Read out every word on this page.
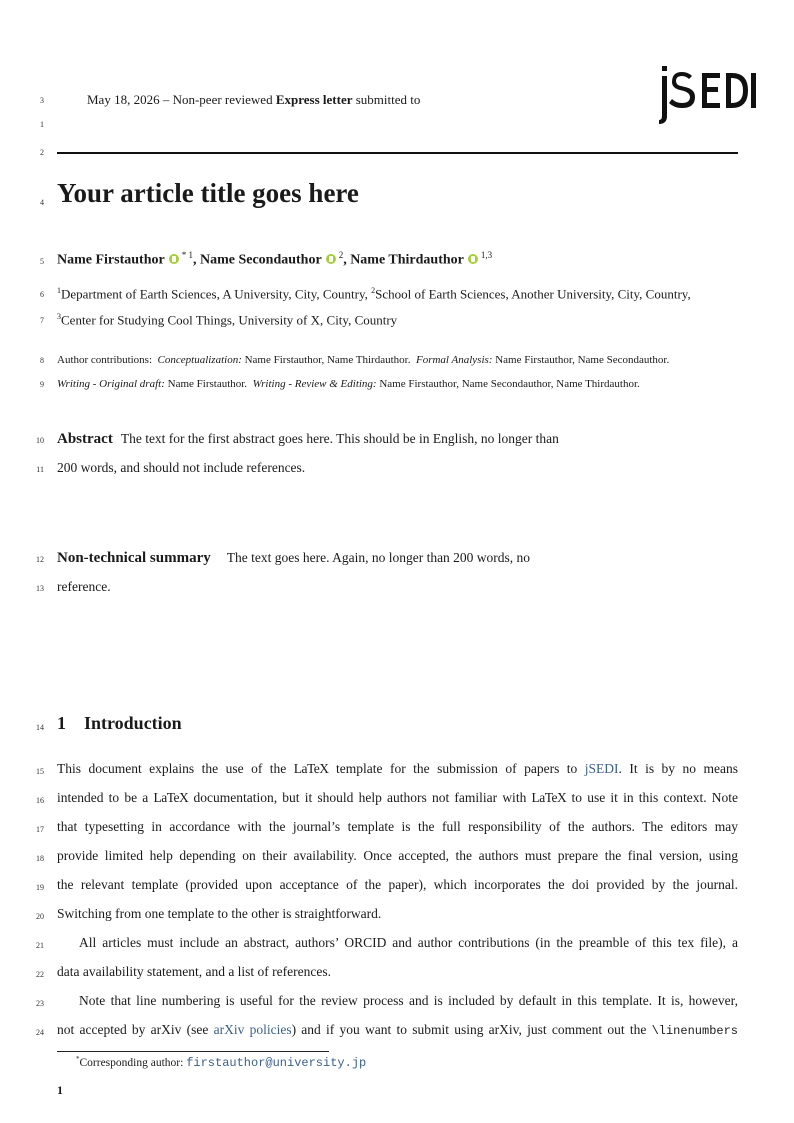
3
1
2
4
5
6
7
8
9
10
11
12
13
14
15
16
17
18
19
20
21
22
23
24
May 18, 2026 – Non-peer reviewed Express letter submitted to
Your article title goes here
Name Firstauthor $^{* 1}$, Name Secondauthor $^2$, Name Thirdauthor $^{1,3}$
$^1$Department of Earth Sciences, A University, City, Country, $^2$School of Earth Sciences, Another University, City, Country,
$^3$Center for Studying Cool Things, University of X, City, Country
Author contributions: Conceptualization: Name Firstauthor, Name Thirdauthor. Formal Analysis: Name Firstauthor, Name Secondauthor.
Writing - Original draft: Name Firstauthor. Writing - Review & Editing: Name Firstauthor, Name Secondauthor, Name Thirdauthor.
Abstract The text for the first abstract goes here. This should be in English, no longer than
200 words, and should not include references.
Non-technical summary The text goes here. Again, no longer than 200 words, no
reference.
1 Introduction
This document explains the use of the LaTeX template for the submission of papers to jSEDI. It is by no means
intended to be a LaTeX documentation, but it should help authors not familiar with LaTeX to use it in this context. Note
that typesetting in accordance with the journal’s template is the full responsibility of the authors. The editors may
provide limited help depending on their availability. Once accepted, the authors must prepare the final version, using
the relevant template (provided upon acceptance of the paper), which incorporates the doi provided by the journal.
Switching from one template to the other is straightforward.
All articles must include an abstract, authors’ ORCID and author contributions (in the preamble of this tex file), a
data availability statement, and a list of references.
Note that line numbering is useful for the review process and is included by default in this template. It is, however,
not accepted by arXiv (see arXiv policies) and if you want to submit using arXiv, just comment out the \linenumbers
*Corresponding author: firstauthor@university.jp
1
